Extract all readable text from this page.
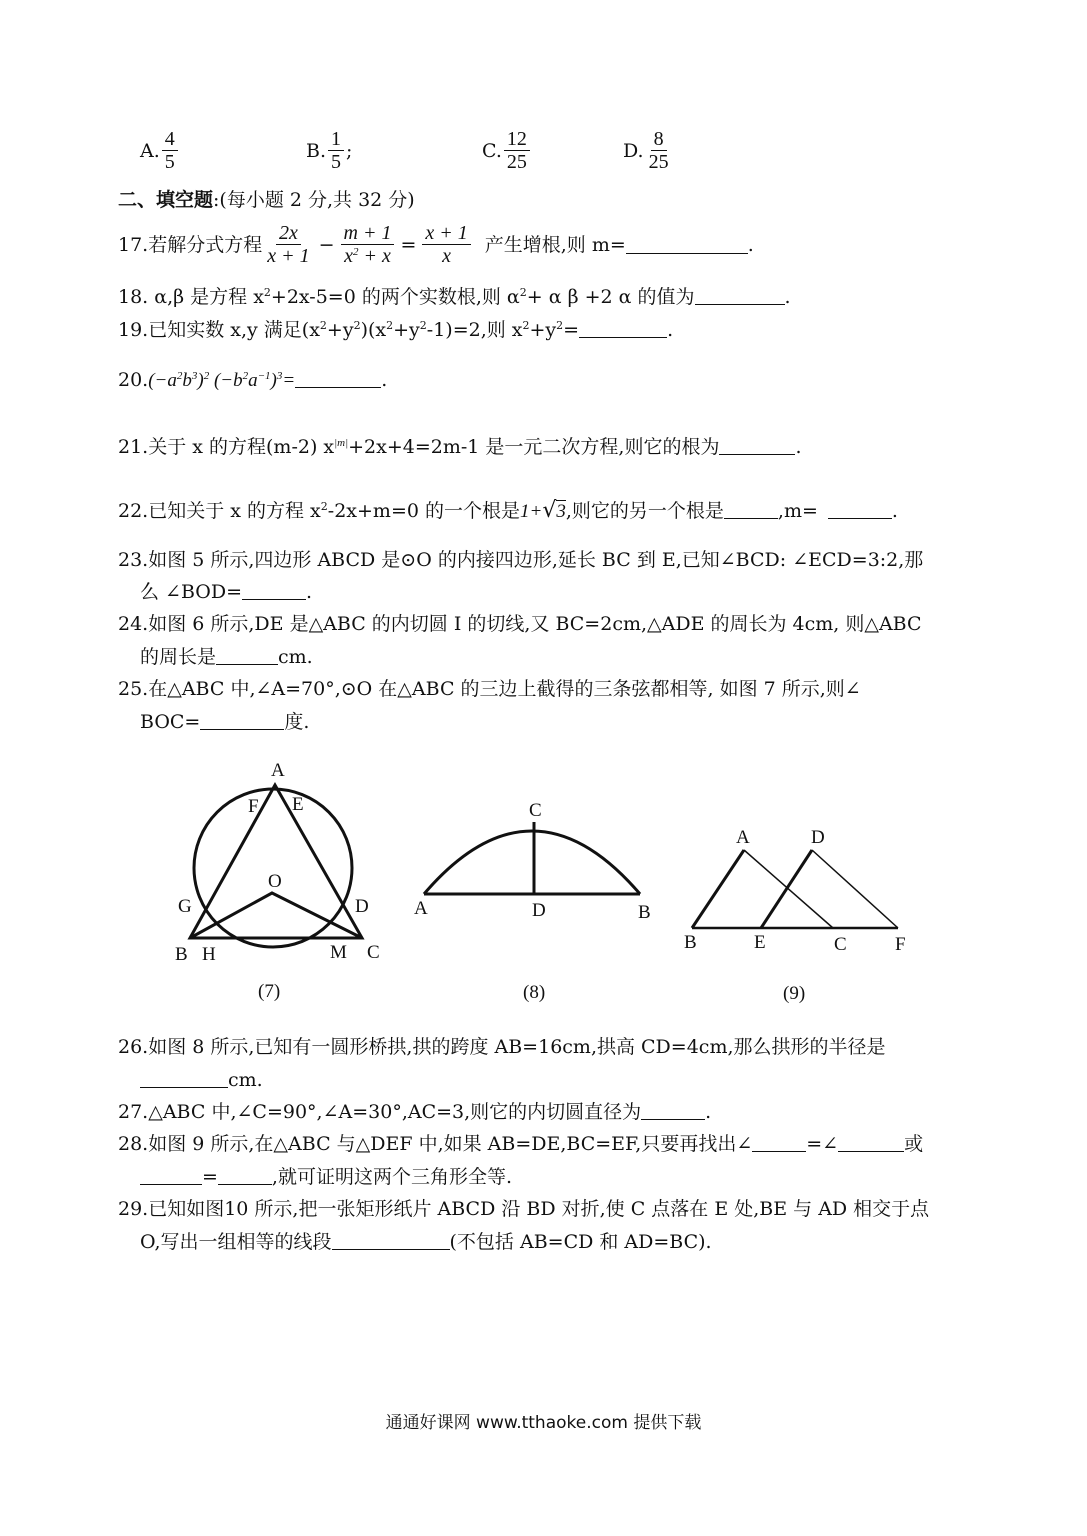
A. $\frac{4}{5}$	B. $\frac{1}{5}$ ;	C. $\frac{12}{25}$	D. $\frac{8}{25}$
二、填空题:(每小题 2 分,共 32 分)
17.若解分式方程 $\frac{2x}{x + 1} - \frac{m + 1}{x^2 + x} = \frac{x + 1}{x}$ 产生增根,则 m=	.
18. α,β 是方程 $x^2+2x-5=0$ 的两个实数根,则 $\alpha^2+ \alpha$ β +2 α 的值为	.
19.已知实数 x,y 满足$(x^2+y^2)(x^2+y^2-1)=2$,则 $x^2+y^2=$	.
$20.(-a^2b^3)^2$ $(-b^2a^{-1})^3=$	.
21.关于 x 的方程(m-2) $x^{|m|}+2x+4=2m-1$ 是一元二次方程,则它的根为	.
22.已知关于 x 的方程 $x^2-2x+m=0$ 的一个根是1+√3,则它的另一个根是	,m=	.
23.如图 5 所示,四边形 ABCD 是⊙O 的内接四边形,延长 BC 到 E,已知∠BCD: ∠ECD=3:2,那
么 ∠BOD=	.
24.如图 6 所示,DE 是△ABC 的内切圆 I 的切线,又 BC=2cm,△ADE 的周长为 4cm, 则△ABC
的周长是	cm.
25.在△ABC 中,∠A=70°,⊙O 在△ABC 的三边上截得的三条弦都相等, 如图 7 所示,则∠
BOC=	度.
A
F E
O
G	D
B H	M C
(7)
C
A	D	B
(8)
A	D
B	E	C	F
(9)
26.如图 8 所示,已知有一圆形桥拱,拱的跨度 AB=16cm,拱高 CD=4cm,那么拱形的半径是
cm.
27.△ABC 中,∠C=90°,∠A=30°,AC=3,则它的内切圆直径为	.
28.如图 9 所示,在△ABC 与△DEF 中,如果 AB=DE,BC=EF,只要再找出∠	=∠	或
=	,就可证明这两个三角形全等.
29.已知如图10 所示,把一张矩形纸片 ABCD 沿 BD 对折,使 C 点落在 E 处,BE 与 AD 相交于点
O,写出一组相等的线段	(不包括 AB=CD 和 AD=BC).
通通好课网 www.tthaoke.com 提供下载
